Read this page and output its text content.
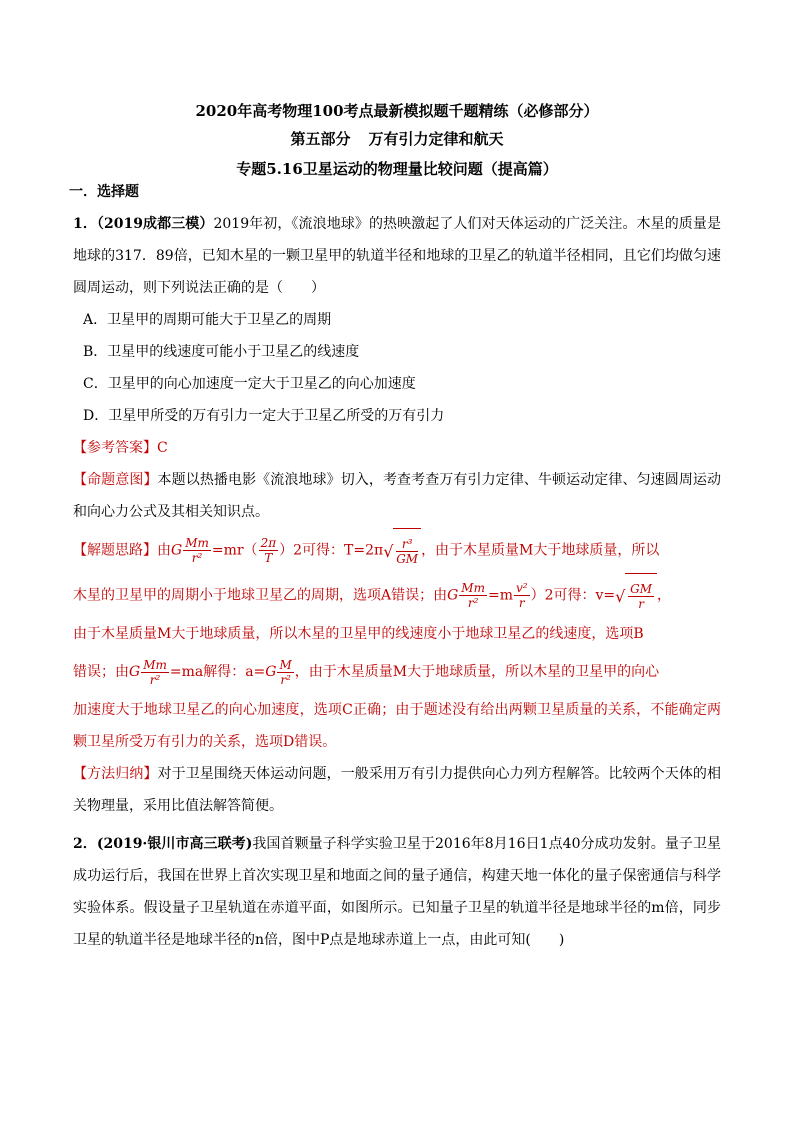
2020年高考物理100考点最新模拟题千题精练（必修部分）
第五部分 万有引力定律和航天
专题5.16卫星运动的物理量比较问题（提高篇）
一．选择题
1．（2019成都三模）2019年初，《流浪地球》的热映激起了人们对天体运动的广泛关注。木星的质量是地球的317．89倍，已知木星的一颗卫星甲的轨道半径和地球的卫星乙的轨道半径相同，且它们均做匀速圆周运动，则下列说法正确的是（　　）
A．卫星甲的周期可能大于卫星乙的周期
B．卫星甲的线速度可能小于卫星乙的线速度
C．卫星甲的向心加速度一定大于卫星乙的向心加速度
D．卫星甲所受的万有引力一定大于卫星乙所受的万有引力
【参考答案】C
【命题意图】本题以热播电影《流浪地球》切入，考查考查万有引力定律、牛顿运动定律、匀速圆周运动和向心力公式及其相关知识点。
【解题思路】由G $\frac{Mm}{\text{r²}} =mr( \frac{2\pi}{T} )2$可得：T=2π √ $\frac{\text{r³}}{GM}$ ，由于木星质量M大于地球质量，所以
木星的卫星甲的周期小于地球卫星乙的周期，选项A错误；由G $\frac{Mm}{\text{r²}} =m \frac{\text{v²}}{r} )2$可得：v= √ $\frac{GM}{r}$ ，
由于木星质量M大于地球质量，所以木星的卫星甲的线速度小于地球卫星乙的线速度，选项B
错误；由G $\frac{Mm}{\text{r²}} =ma$解得：$a=G \frac{M}{\text{r²}}$ ，由于木星质量M大于地球质量，所以木星的卫星甲的向心
加速度大于地球卫星乙的向心加速度，选项C正确；由于题述没有给出两颗卫星质量的关系，不能确定两颗卫星所受万有引力的关系，选项D错误。
【方法归纳】对于卫星围绕天体运动问题，一般采用万有引力提供向心力列方程解答。比较两个天体的相关物理量，采用比值法解答简便。
2．(2019·银川市高三联考)我国首颗量子科学实验卫星于2016年8月16日1点40分成功发射。量子卫星成功运行后，我国在世界上首次实现卫星和地面之间的量子通信，构建天地一体化的量子保密通信与科学实验体系。假设量子卫星轨道在赤道平面，如图所示。已知量子卫星的轨道半径是地球半径的m倍，同步卫星的轨道半径是地球半径的n倍，图中P点是地球赤道上一点，由此可知(　　)
